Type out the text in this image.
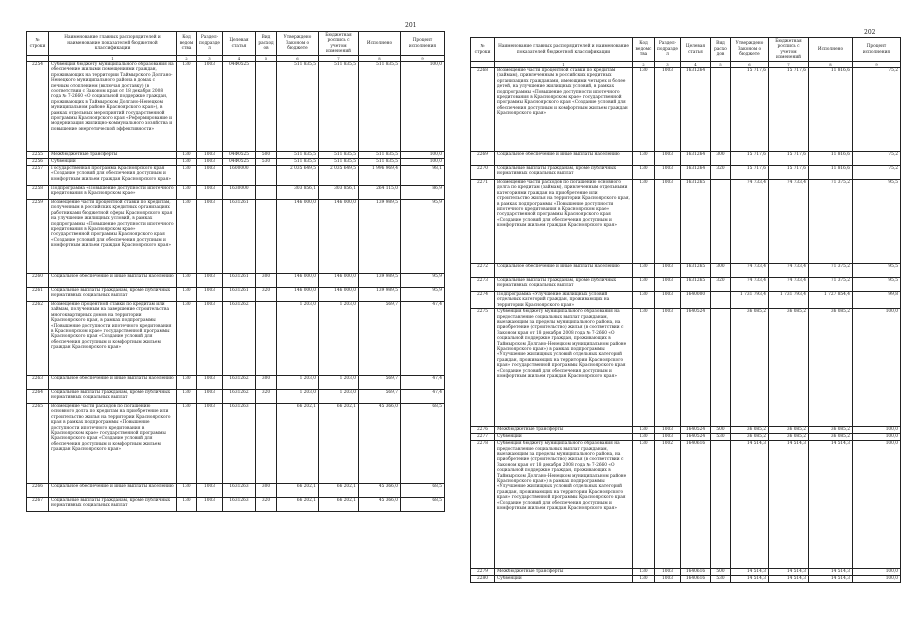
201
№ строки	Наименование главных распорядителей и наименование показателей бюджетной классификации	Код ведомства	Раздел-подраздел	Целевая статья	Вид расходов	Утверждено Законом о бюджете	Бюджетная роспись с учетом изменений	Исполнено	Процент исполнения
	1	2	3	4	5	6	7	8	9
2254	Субвенция бюджету муниципального образования на обеспечение жилыми помещениями граждан, проживающих на территории Таймырского Долгано-Ненецкого муниципального района в домах с печным отоплением (включая доставку) (в соответствии с Законом края от 18 декабря 2008 года № 7-2660 «О социальной поддержке граждан, проживающих в Таймырском Долгано-Ненецком муниципальном районе Красноярского края»), в рамках отдельных мероприятий государственной программы Красноярского края «Реформирование и модернизация жилищно-коммунального хозяйства и повышение энергетической эффективности»	130	1003	04Ф0525		511 835,5	511 835,5	511 835,5	100,0
2255	Межбюджетные трансферты	130	1003	04Ф0525	500	511 835,5	511 835,5	511 835,5	100,0
2256	Субвенции	130	1003	04Ф0525	530	511 835,5	511 835,5	511 835,5	100,0
2257	Государственная программа Красноярского края «Создание условий для обеспечения доступным и комфортным жильем граждан Красноярского края»	130	1003	1600000		2 035 649,5	2 035 649,5	1 996 969,4	98,1
2258	Подпрограмма «Повышение доступности ипотечного кредитования в Красноярском крае»	130	1003	1630000		303 856,1	303 856,1	264 115,0	86,9
2259	Возмещение части процентной ставки по кредитам, полученным в российских кредитных организациях работниками бюджетной сферы Красноярского края на улучшение жилищных условий, в рамках подпрограммы «Повышение доступности ипотечного кредитования в Красноярском крае» государственной программы Красноярского края «Создание условий для обеспечения доступным и комфортным жильем граждан Красноярского края»	130	1003	1631261		146 000,0	146 000,0	139 989,5	95,9
2260	Социальное обеспечение и иные выплаты населению	130	1003	1631261	300	146 000,0	146 000,0	139 989,5	95,9
2261	Социальные выплаты гражданам, кроме публичных нормативных социальных выплат	130	1003	1631261	320	146 000,0	146 000,0	139 989,5	95,9
2262	Возмещение процентной ставки по кредитам или займам, полученным на завершение строительства многоквартирных домов на территории Красноярского края, в рамках подпрограммы «Повышение доступности ипотечного кредитования в Красноярском крае» государственной программы Красноярского края «Создание условий для обеспечения доступным и комфортным жильем граждан Красноярского края»	130	1003	1631262		1 203,0	1 203,0	569,7	47,4
2263	Социальное обеспечение и иные выплаты населению	130	1003	1631262	300	1 203,0	1 203,0	569,7	47,4
2264	Социальные выплаты гражданам, кроме публичных нормативных социальных выплат	130	1003	1631262	320	1 203,0	1 203,0	569,7	47,4
2265	Возмещение части расходов по погашению основного долга по кредитам на приобретение или строительство жилья на территории Красноярского края в рамках подпрограммы «Повышение доступности ипотечного кредитования в Красноярском крае» государственной программы Красноярского края «Создание условий для обеспечения доступным и комфортным жильем граждан Красноярского края»	130	1003	1631263		66 202,1	66 202,1	45 366,0	68,5
2266	Социальное обеспечение и иные выплаты населению	130	1003	1631263	300	66 202,1	66 202,1	45 366,0	68,5
2267	Социальные выплаты гражданам, кроме публичных нормативных социальных выплат	130	1003	1631263	320	66 202,1	66 202,1	45 366,0	68,5
202
№ строки	Наименование главных распорядителей и наименование показателей бюджетной классификации	Код ведомства	Раздел-подраздел	Целевая статья	Вид расходов	Утверждено Законом о бюджете	Бюджетная роспись с учетом изменений	Исполнено	Процент исполнения
	1	2	3	4	5	6	7	8	9
2268	Возмещение части процентной ставки по кредитам (займам), привлеченным в российских кредитных организациях гражданами, имеющими четырех и более детей, на улучшение жилищных условий, в рамках подпрограммы «Повышение доступности ипотечного кредитования в Красноярском крае» государственной программы Красноярского края «Создание условий для обеспечения доступным и комфортным жильем граждан Красноярского края»	130	1003	1631264		15 717,6	15 717,6	11 816,6	75,2
2269	Социальное обеспечение и иные выплаты населению	130	1003	1631264	300	15 717,6	15 717,6	11 816,6	75,2
2270	Социальные выплаты гражданам, кроме публичных нормативных социальных выплат	130	1003	1631264	320	15 717,6	15 717,6	11 816,6	75,2
2271	Возмещение части расходов по погашению основного долга по кредитам (займам), привлеченным отдельными категориями граждан на приобретение или строительство жилья на территории Красноярского края, в рамках подпрограммы «Повышение доступности ипотечного кредитования в Красноярском крае» государственной программы Красноярского края «Создание условий для обеспечения доступным и комфортным жильем граждан Красноярского края»	130	1003	1631265		74 733,4	74 733,4	71 375,2	95,5
2272	Социальное обеспечение и иные выплаты населению	130	1003	1631265	300	74 733,4	74 733,4	71 375,2	95,5
2273	Социальные выплаты гражданам, кроме публичных нормативных социальных выплат	130	1003	1631265	320	74 733,4	74 733,4	71 375,2	95,5
2274	Подпрограмма «Улучшение жилищных условий отдельных категорий граждан, проживающих на территории Красноярского края»	130	1003	1640000		1 731 793,4	1 731 793,4	1 727 854,4	99,8
2275	Субвенция бюджету муниципального образования на предоставление социальных выплат гражданам, выезжающим за пределы муниципального района, на приобретение (строительство) жилья (в соответствии с Законом края от 18 декабря 2008 года № 7-2660 «О социальной поддержке граждан, проживающих в Таймырском Долгано-Ненецком муниципальном районе Красноярского края») в рамках подпрограммы «Улучшение жилищных условий отдельных категорий граждан, проживающих на территории Красноярского края» государственной программы Красноярского края «Создание условий для обеспечения доступным и комфортным жильем граждан Красноярского края»	130	1003	1640524		36 085,2	36 085,2	36 085,2	100,0
2276	Межбюджетные трансферты	130	1003	1640524	500	36 085,2	36 085,2	36 085,2	100,0
2277	Субвенции	130	1003	1640524	530	36 085,2	36 085,2	36 085,2	100,0
2278	Субвенция бюджету муниципального образования на предоставление социальных выплат гражданам, выезжающим за пределы муниципального района, на приобретение (строительство) жилья (в соответствии с Законом края от 18 декабря 2008 года № 7-2660 «О социальной поддержке граждан, проживающих в Таймырском Долгано-Ненецком муниципальном районе Красноярского края») в рамках подпрограммы «Улучшение жилищных условий отдельных категорий граждан, проживающих на территории Красноярского края» государственной программы Красноярского края «Создание условий для обеспечения доступным и комфортным жильем граждан Красноярского края»	130	1002	1640616		14 514,3	14 514,3	14 514,3	100,0
2279	Межбюджетные трансферты	130	1003	1640616	500	14 514,3	14 514,3	14 514,3	100,0
2280	Субвенции	130	1003	1640616	530	14 514,3	14 514,3	14 514,3	100,0
